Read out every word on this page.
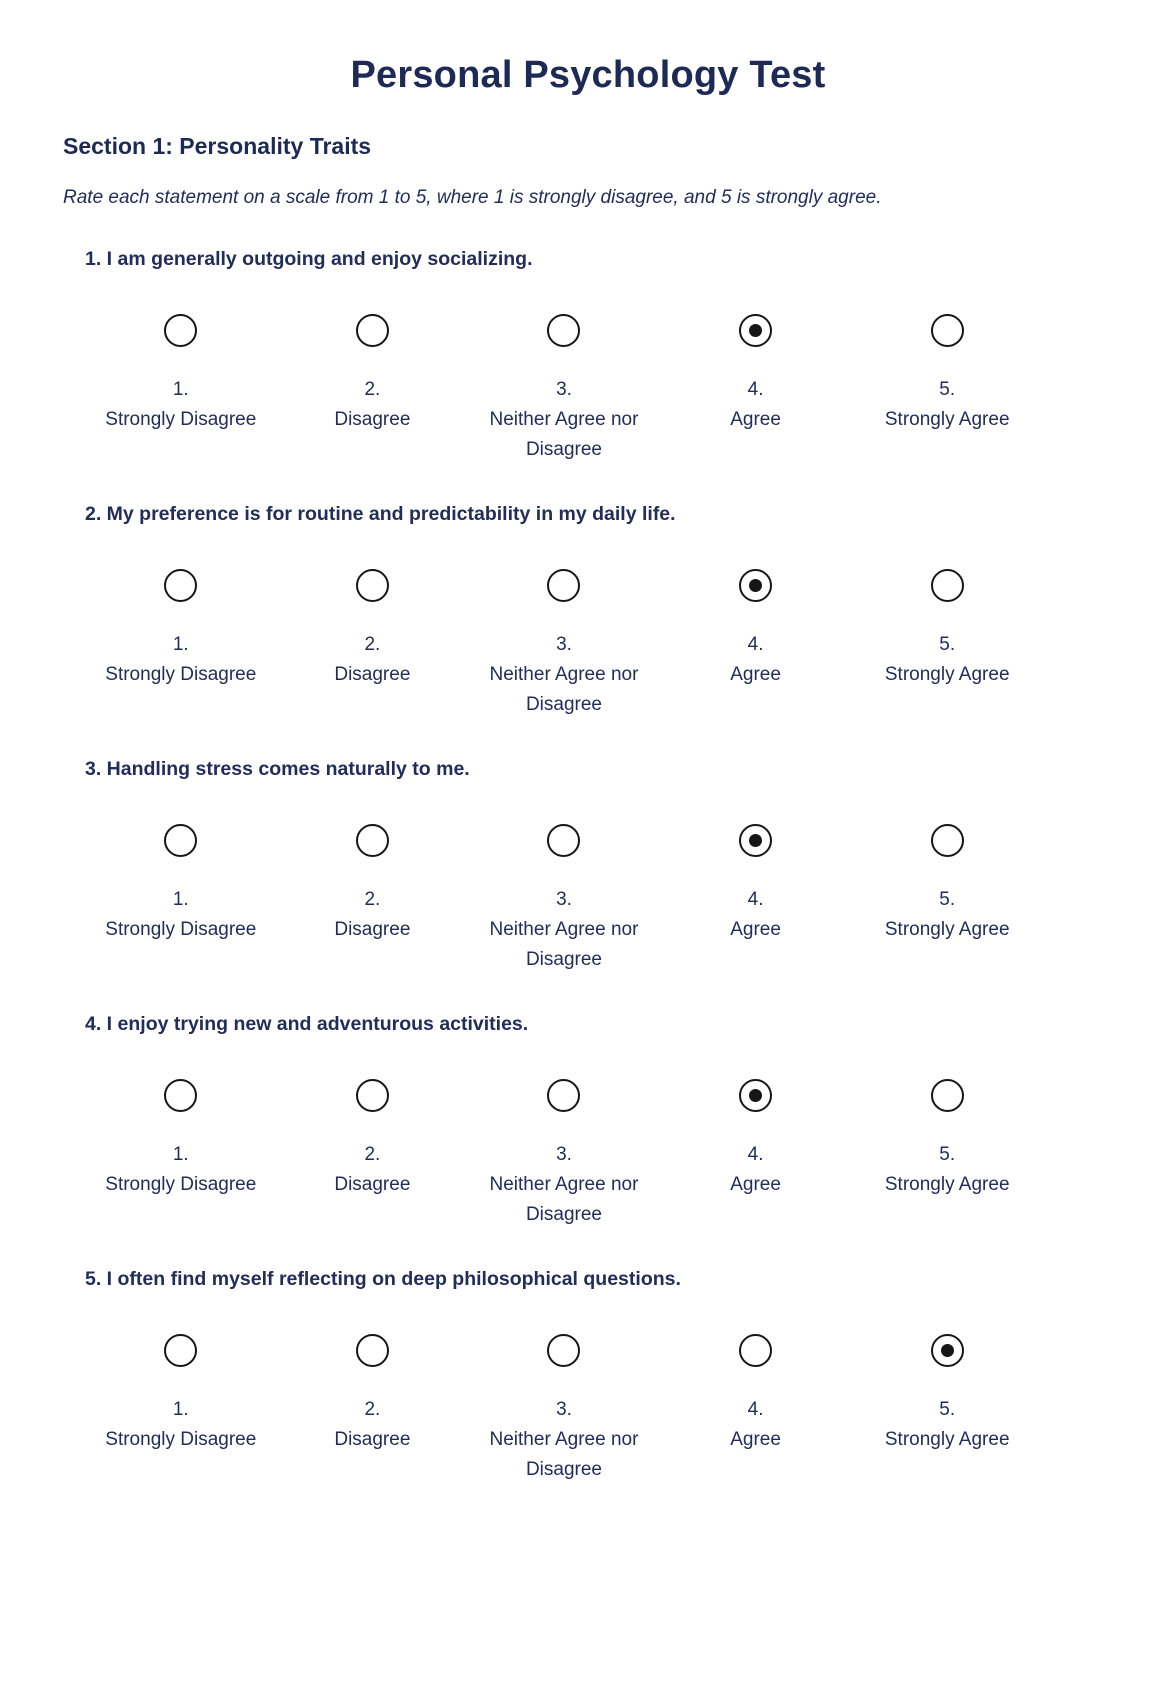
Personal Psychology Test
Section 1: Personality Traits

Rate each statement on a scale from 1 to 5, where 1 is strongly disagree, and 5 is strongly agree.

1. I am generally outgoing and enjoy socializing.

1.
Strongly Disagree
2.
Disagree
3.
Neither Agree nor Disagree
4.
Agree
5.
Strongly Agree

2. My preference is for routine and predictability in my daily life.

1.
Strongly Disagree
2.
Disagree
3.
Neither Agree nor Disagree
4.
Agree
5.
Strongly Agree

3. Handling stress comes naturally to me.

1.
Strongly Disagree
2.
Disagree
3.
Neither Agree nor Disagree
4.
Agree
5.
Strongly Agree

4. I enjoy trying new and adventurous activities.

1.
Strongly Disagree
2.
Disagree
3.
Neither Agree nor Disagree
4.
Agree
5.
Strongly Agree

5. I often find myself reflecting on deep philosophical questions.

1.
Strongly Disagree
2.
Disagree
3.
Neither Agree nor Disagree
4.
Agree
5.
Strongly Agree
